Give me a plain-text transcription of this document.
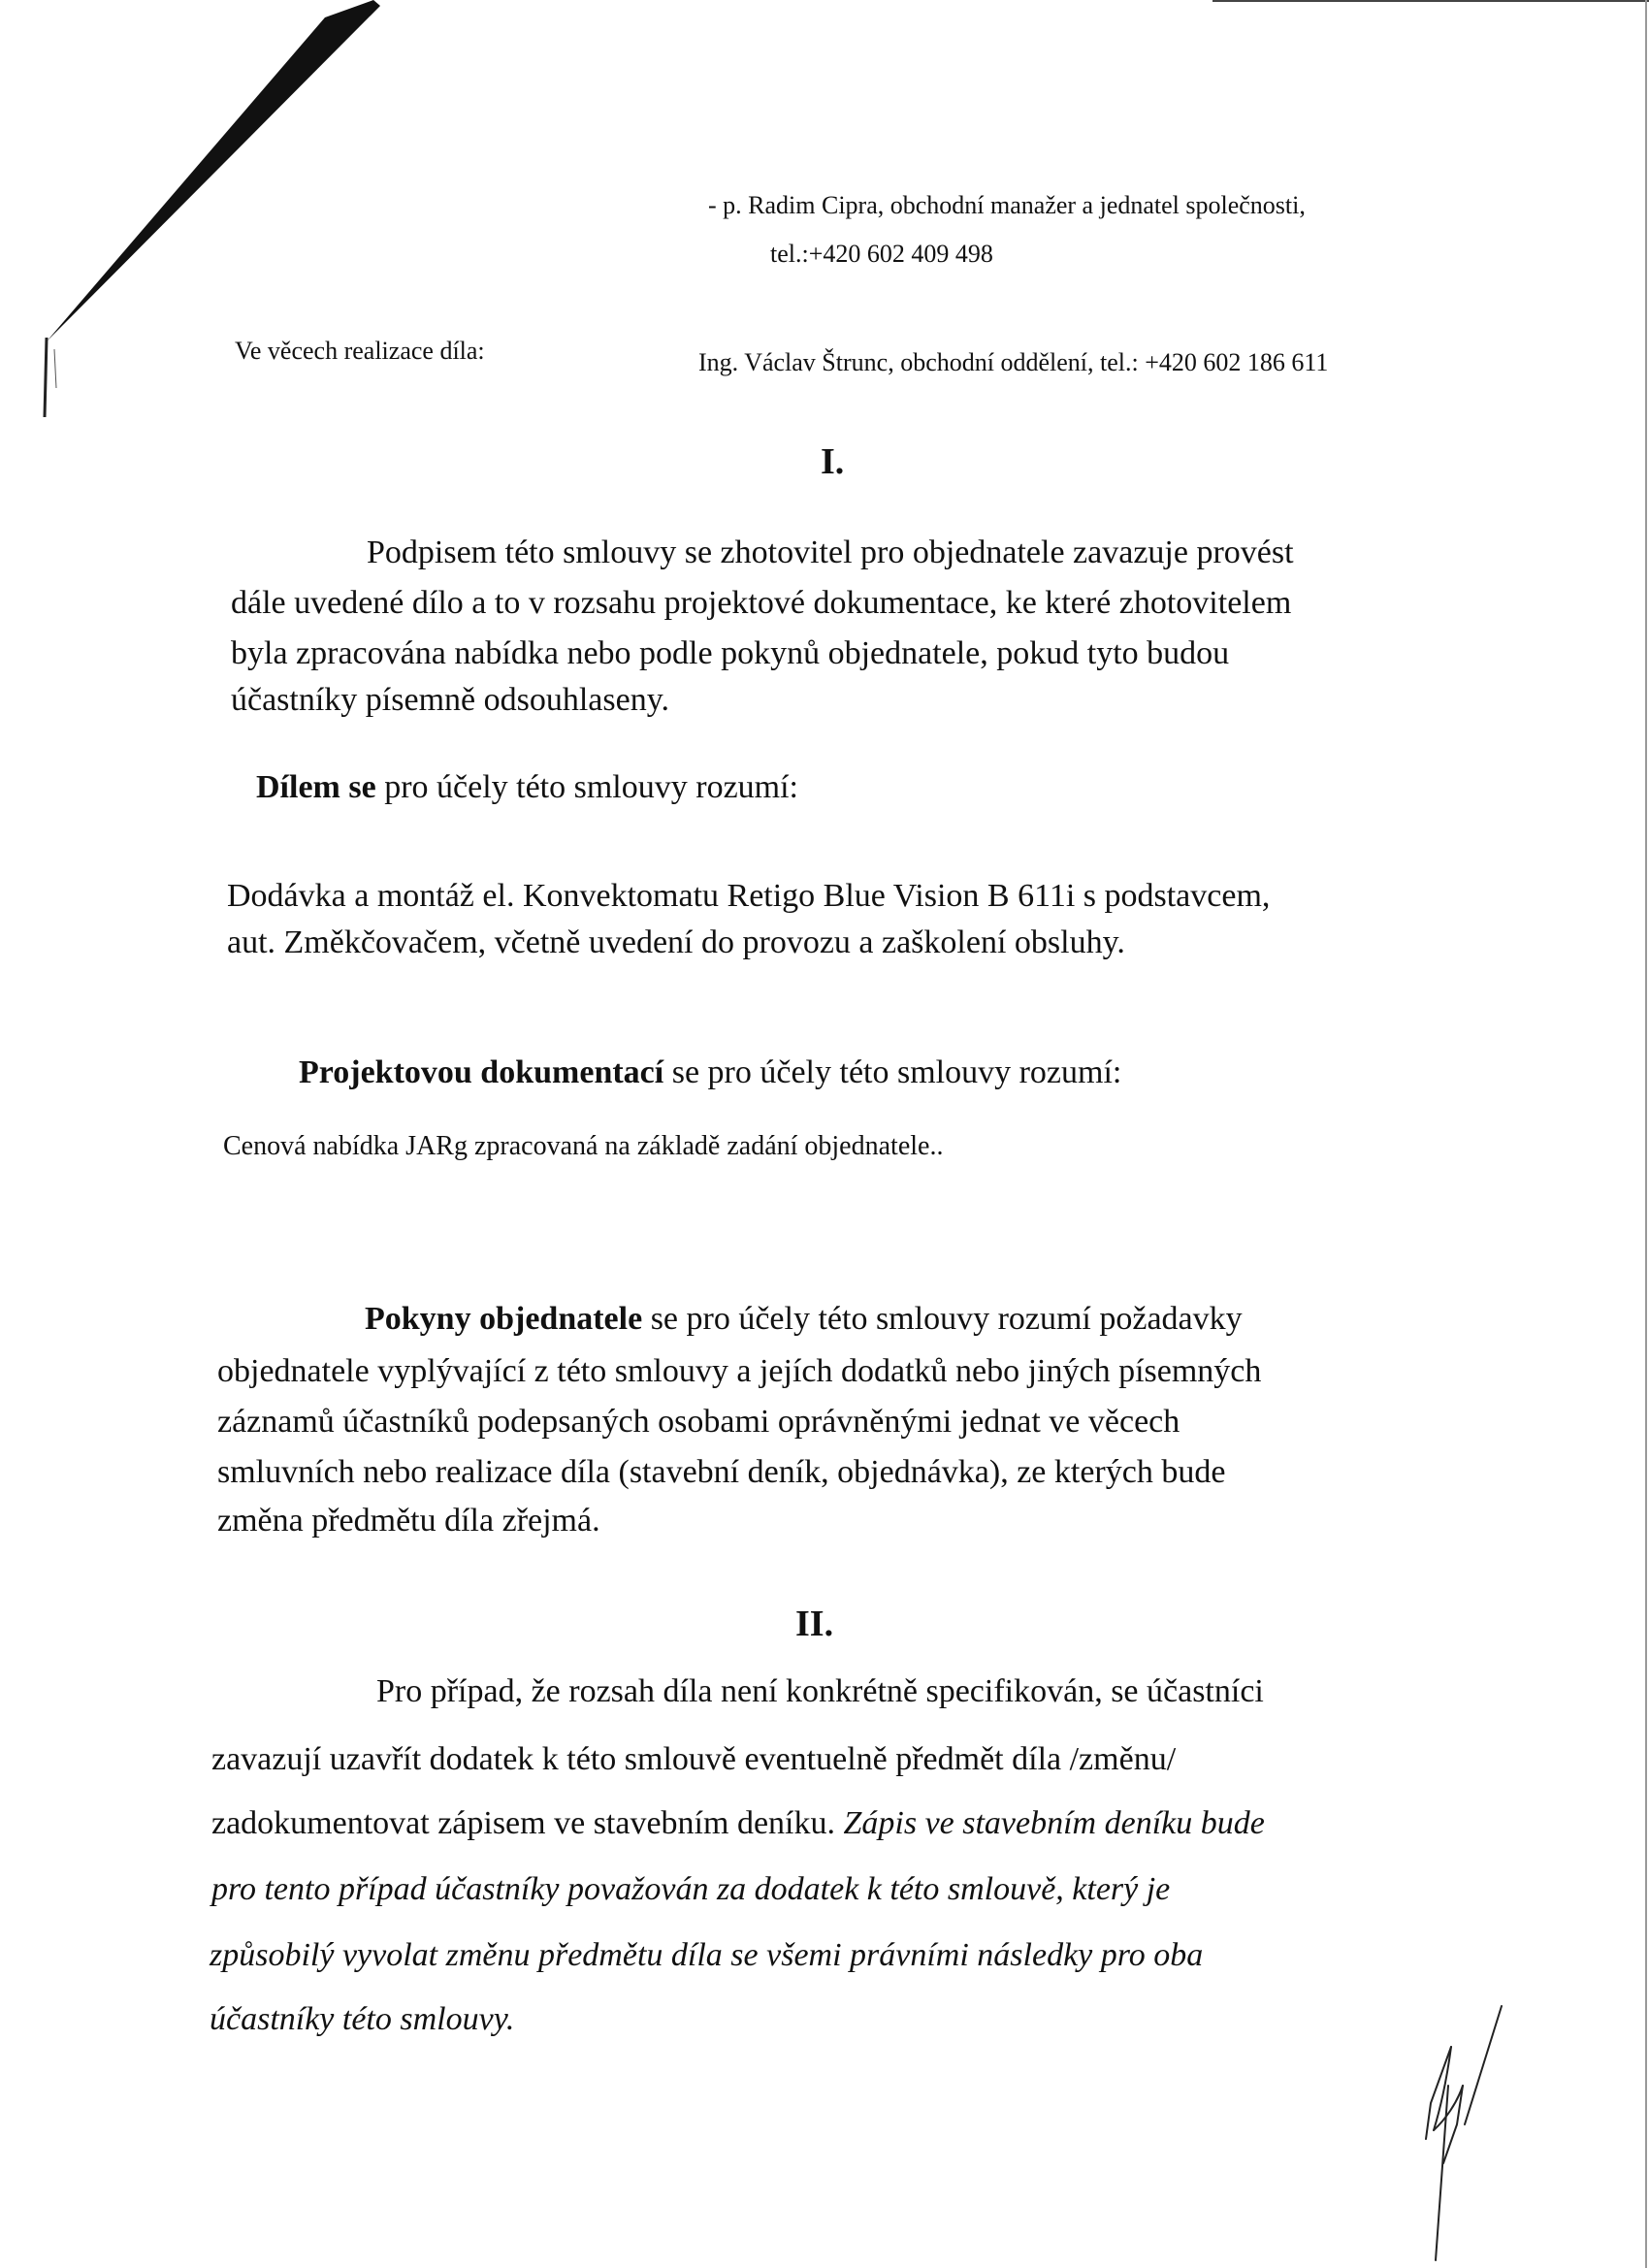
- p. Radim Cipra, obchodní manažer a jednatel společnosti,
tel.:+420 602 409 498
Ve věcech realizace díla:	Ing. Václav Štrunc, obchodní oddělení, tel.: +420 602 186 611
I.
Podpisem této smlouvy se zhotovitel pro objednatele zavazuje provést
dále uvedené dílo a to v rozsahu projektové dokumentace, ke které zhotovitelem
byla zpracována nabídka nebo podle pokynů objednatele, pokud tyto budou
účastníky písemně odsouhlaseny.
Dílem se pro účely této smlouvy rozumí:
Dodávka a montáž el. Konvektomatu Retigo Blue Vision B 611i s podstavcem,
aut. Změkčovačem, včetně uvedení do provozu a zaškolení obsluhy.
Projektovou dokumentací se pro účely této smlouvy rozumí:
Cenová nabídka JARg zpracovaná na základě zadání objednatele..
Pokyny objednatele se pro účely této smlouvy rozumí požadavky
objednatele vyplývající z této smlouvy a jejích dodatků nebo jiných písemných
záznamů účastníků podepsaných osobami oprávněnými jednat ve věcech
smluvních nebo realizace díla (stavební deník, objednávka), ze kterých bude
změna předmětu díla zřejmá.
II.
Pro případ, že rozsah díla není konkrétně specifikován, se účastníci
zavazují uzavřít dodatek k této smlouvě eventuelně předmět díla /změnu/
zadokumentovat zápisem ve stavebním deníku. Zápis ve stavebním deníku bude
pro tento případ účastníky považován za dodatek k této smlouvě, který je
způsobilý vyvolat změnu předmětu díla se všemi právními následky pro oba
účastníky této smlouvy.
